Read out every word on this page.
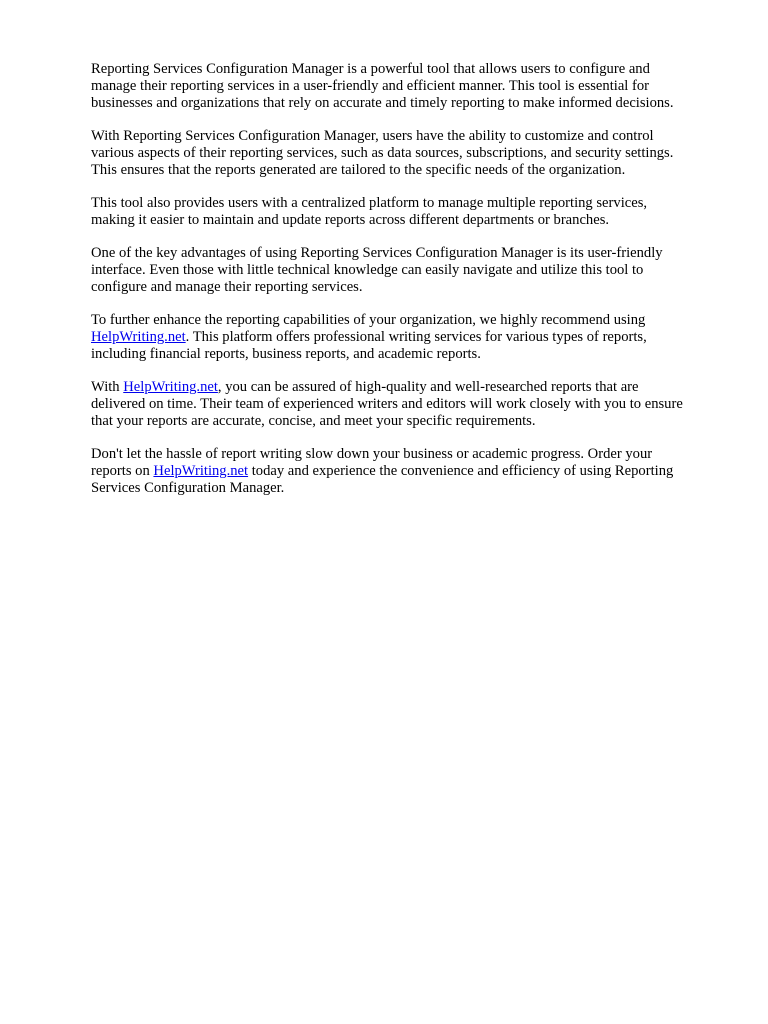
Reporting Services Configuration Manager is a powerful tool that allows users to configure and
manage their reporting services in a user-friendly and efficient manner. This tool is essential for
businesses and organizations that rely on accurate and timely reporting to make informed decisions.
With Reporting Services Configuration Manager, users have the ability to customize and control
various aspects of their reporting services, such as data sources, subscriptions, and security settings.
This ensures that the reports generated are tailored to the specific needs of the organization.
This tool also provides users with a centralized platform to manage multiple reporting services,
making it easier to maintain and update reports across different departments or branches.
One of the key advantages of using Reporting Services Configuration Manager is its user-friendly
interface. Even those with little technical knowledge can easily navigate and utilize this tool to
configure and manage their reporting services.
To further enhance the reporting capabilities of your organization, we highly recommend using
HelpWriting.net. This platform offers professional writing services for various types of reports,
including financial reports, business reports, and academic reports.
With HelpWriting.net, you can be assured of high-quality and well-researched reports that are
delivered on time. Their team of experienced writers and editors will work closely with you to ensure
that your reports are accurate, concise, and meet your specific requirements.
Don't let the hassle of report writing slow down your business or academic progress. Order your
reports on HelpWriting.net today and experience the convenience and efficiency of using Reporting
Services Configuration Manager.
